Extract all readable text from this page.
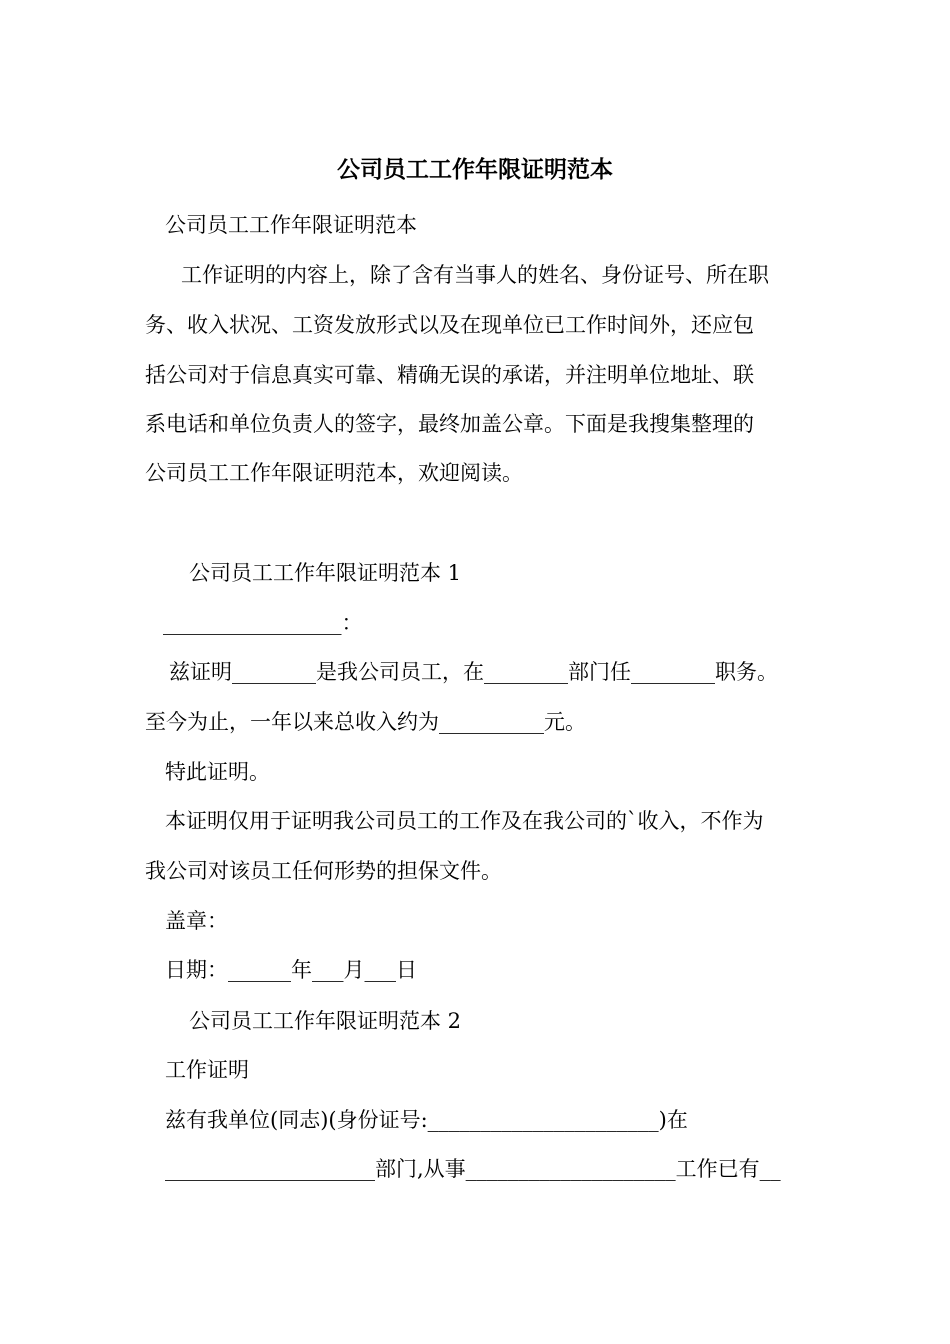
公司员工工作年限证明范本
公司员工工作年限证明范本
工作证明的内容上，除了含有当事人的姓名、身份证号、所在职
务、收入状况、工资发放形式以及在现单位已工作时间外，还应包
括公司对于信息真实可靠、精确无误的承诺，并注明单位地址、联
系电话和单位负责人的签字，最终加盖公章。下面是我搜集整理的
公司员工工作年限证明范本，欢迎阅读。
公司员工工作年限证明范本 1
_________________：
兹证明________是我公司员工，在________部门任________职务。
至今为止，一年以来总收入约为__________元。
特此证明。
本证明仅用于证明我公司员工的工作及在我公司的`收入，不作为
我公司对该员工任何形势的担保文件。
盖章：
日期：______年___月___日
公司员工工作年限证明范本 2
工作证明
兹有我单位(同志)(身份证号:______________________)在
____________________部门,从事____________________工作已有__
